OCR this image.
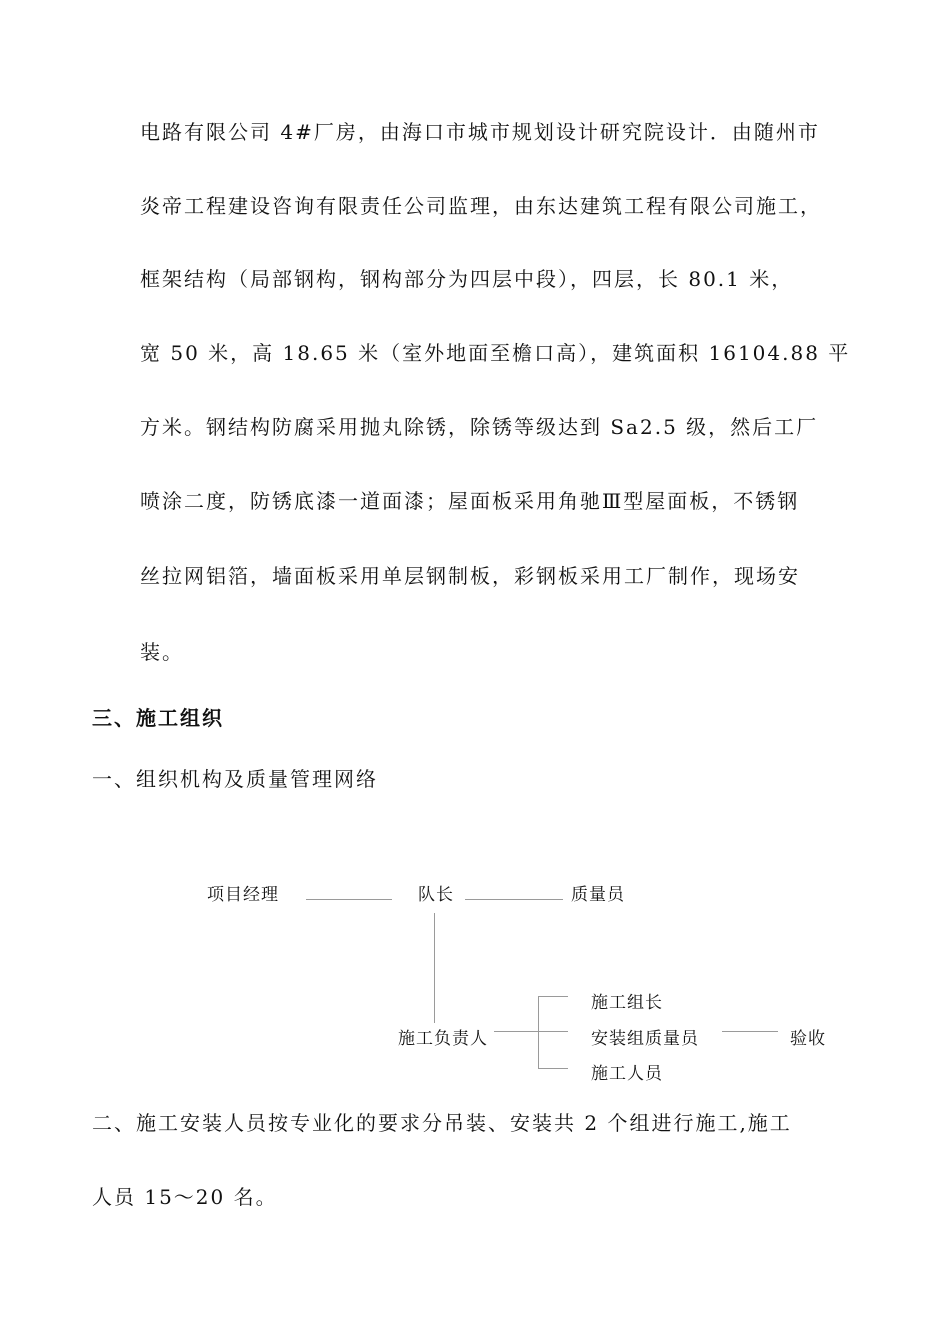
电路有限公司 4#厂房，由海口市城市规划设计研究院设计．由随州市
炎帝工程建设咨询有限责任公司监理，由东达建筑工程有限公司施工，
框架结构（局部钢构，钢构部分为四层中段），四层，长 80.1 米，
宽 50 米，高 18.65 米（室外地面至檐口高），建筑面积 16104.88 平
方米。钢结构防腐采用抛丸除锈，除锈等级达到 Sa2.5 级，然后工厂
喷涂二度，防锈底漆一道面漆；屋面板采用角驰Ⅲ型屋面板，不锈钢
丝拉网铝箔，墙面板采用单层钢制板，彩钢板采用工厂制作，现场安
装。
三、施工组织
一、组织机构及质量管理网络
项目经理	队长	质量员
施工负责人
施工组长
安装组质量员
施工人员
验收
二、施工安装人员按专业化的要求分吊装、安装共 2 个组进行施工,施工
人员 15～20 名。
